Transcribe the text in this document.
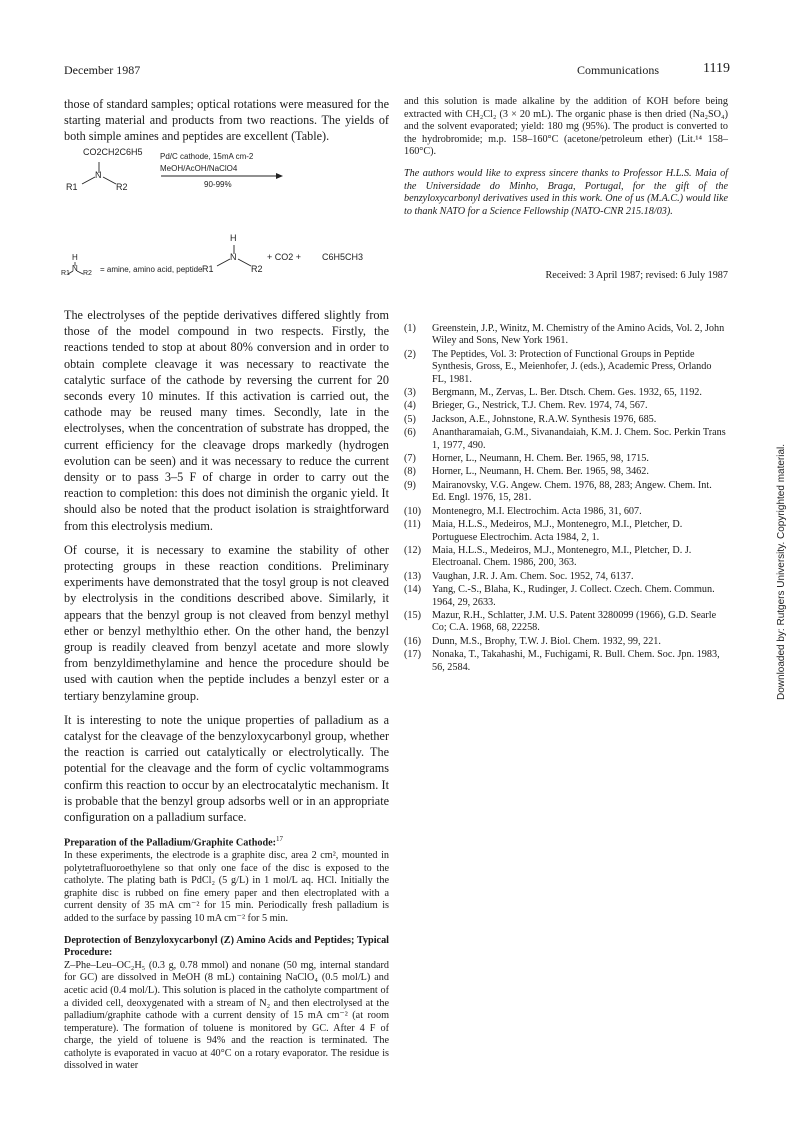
December 1987	Communications	1119

those of standard samples; optical rotations were measured for the starting material and products from two reactions. The yields of both simple amines and peptides are excellent (Table).

CO2CH2C6H5
N
R1	R2
Pd/C cathode, 15mA cm-2
MeOH/AcOH/NaClO4
90-99%
H
N
R1	R2
+ CO2 + C6H5CH3
H
N
R1 R2 = amine, amino acid, peptide

The electrolyses of the peptide derivatives differed slightly from those of the model compound in two respects. Firstly, the reactions tended to stop at about 80% conversion and in order to obtain complete cleavage it was necessary to reactivate the catalytic surface of the cathode by reversing the current for 20 seconds every 10 minutes. If this activation is carried out, the cathode may be reused many times. Secondly, late in the electrolyses, when the concentration of substrate has dropped, the current efficiency for the cleavage drops markedly (hydrogen evolution can be seen) and it was necessary to reduce the current density or to pass 3–5 F of charge in order to carry out the reaction to completion: this does not diminish the organic yield. It should also be noted that the product isolation is straightforward from this electrolysis medium.

Of course, it is necessary to examine the stability of other protecting groups in these reaction conditions. Preliminary experiments have demonstrated that the tosyl group is not cleaved by electrolysis in the conditions described above. Similarly, it appears that the benzyl group is not cleaved from benzyl methyl ether or benzyl methylthio ether. On the other hand, the benzyl group is readily cleaved from benzyl acetate and more slowly from benzyldimethylamine and hence the procedure should be used with caution when the peptide includes a benzyl ester or a tertiary benzylamine group.

It is interesting to note the unique properties of palladium as a catalyst for the cleavage of the benzyloxycarbonyl group, whether the reaction is carried out catalytically or electrolytically. The potential for the cleavage and the form of cyclic voltammograms confirm this reaction to occur by an electrocatalytic mechanism. It is probable that the benzyl group adsorbs well or in an appropriate configuration on a palladium surface.

Preparation of the Palladium/Graphite Cathode:$^{17}$

In these experiments, the electrode is a graphite disc, area 2 cm², mounted in polytetrafluoroethylene so that only one face of the disc is exposed to the catholyte. The plating bath is PdCl₂ (5 g/L) in 1 mol/L aq. HCl. Initially the graphite disc is rubbed on fine emery paper and then electroplated with a current density of 35 mA cm⁻² for 15 min. Periodically fresh palladium is added to the surface by passing 10 mA cm⁻² for 5 min.

Deprotection of Benzyloxycarbonyl (Z) Amino Acids and Peptides; Typical Procedure:

Z–Phe–Leu–OC₂H₅ (0.3 g, 0.78 mmol) and nonane (50 mg, internal standard for GC) are dissolved in MeOH (8 mL) containing NaClO₄ (0.5 mol/L) and acetic acid (0.4 mol/L). This solution is placed in the catholyte compartment of a divided cell, deoxygenated with a stream of N₂ and then electrolysed at the palladium/graphite cathode with a current density of 15 mA cm⁻² (at room temperature). The formation of toluene is monitored by GC. After 4 F of charge, the yield of toluene is 94% and the reaction is terminated. The catholyte is evaporated in vacuo at 40°C on a rotary evaporator. The residue is dissolved in water

and this solution is made alkaline by the addition of KOH before being extracted with CH₂Cl₂ (3 × 20 mL). The organic phase is then dried (Na₂SO₄) and the solvent evaporated; yield: 180 mg (95%). The product is converted to the hydrobromide; m.p. 158–160°C (acetone/petroleum ether) (Lit.¹⁴ 158–160°C).

The authors would like to express sincere thanks to Professor H.L.S. Maia of the Universidade do Minho, Braga, Portugal, for the gift of the benzyloxycarbonyl derivatives used in this work. One of us (M.A.C.) would like to thank NATO for a Science Fellowship (NATO-CNR 215.18/03).

Received: 3 April 1987; revised: 6 July 1987
(1) Greenstein, J.P., Winitz, M. Chemistry of the Amino Acids, Vol. 2, John Wiley and Sons, New York 1961.
(2) The Peptides, Vol. 3: Protection of Functional Groups in Peptide Synthesis, Gross, E., Meienhofer, J. (eds.), Academic Press, Orlando FL, 1981.
(3) Bergmann, M., Zervas, L. Ber. Dtsch. Chem. Ges. 1932, 65, 1192.
(4) Brieger, G., Nestrick, T.J. Chem. Rev. 1974, 74, 567.
(5) Jackson, A.E., Johnstone, R.A.W. Synthesis 1976, 685.
(6) Anantharamaiah, G.M., Sivanandaiah, K.M. J. Chem. Soc. Perkin Trans 1, 1977, 490.
(7) Horner, L., Neumann, H. Chem. Ber. 1965, 98, 1715.
(8) Horner, L., Neumann, H. Chem. Ber. 1965, 98, 3462.
(9) Mairanovsky, V.G. Angew. Chem. 1976, 88, 283; Angew. Chem. Int. Ed. Engl. 1976, 15, 281.
(10) Montenegro, M.I. Electrochim. Acta 1986, 31, 607.
(11) Maia, H.L.S., Medeiros, M.J., Montenegro, M.I., Pletcher, D. Portuguese Electrochim. Acta 1984, 2, 1.
(12) Maia, H.L.S., Medeiros, M.J., Montenegro, M.I., Pletcher, D. J. Electroanal. Chem. 1986, 200, 363.
(13) Vaughan, J.R. J. Am. Chem. Soc. 1952, 74, 6137.
(14) Yang, C.-S., Blaha, K., Rudinger, J. Collect. Czech. Chem. Commun. 1964, 29, 2633.
(15) Mazur, R.H., Schlatter, J.M. U.S. Patent 3280099 (1966), G.D. Searle Co; C.A. 1968, 68, 22258.
(16) Dunn, M.S., Brophy, T.W. J. Biol. Chem. 1932, 99, 221.
(17) Nonaka, T., Takahashi, M., Fuchigami, R. Bull. Chem. Soc. Jpn. 1983, 56, 2584.	Downloaded by: Rutgers University. Copyrighted material.
